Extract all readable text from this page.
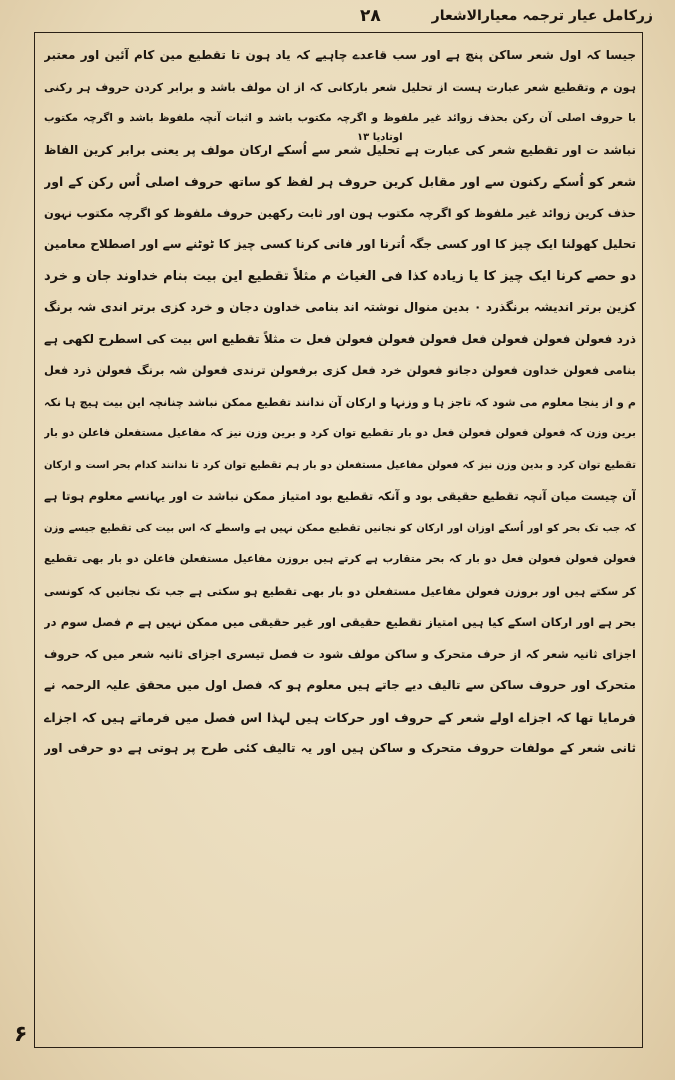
زرکامل عیار ترجمہ معیارالاشعار
۲۸
جیسا کہ اول شعر ساکن پنچ ہے اور سب قاعدے چاہیے کہ یاد ہون تا تقطیع مین کام آئین اور معتبر
ہون م وتقطیع شعر عبارت ہست از تحلیل شعر بارکانی کہ از ان مولف باشد و برابر کردن حروف ہر رکنی
با حروف اصلی آن رکن بحذف زوائد غیر ملفوظ و اگرچہ مکتوب باشد و اثبات آنچہ ملفوظ باشد و اگرچہ مکتوب
نباشد ت اور تقطیع شعر کی عبارت ہے تحلیل شعر سے اُسکے ارکان مولف پر یعنی برابر کرین الفاظ
شعر کو اُسکے رکنون سے اور مقابل کرین حروف ہر لفظ کو ساتھ حروف اصلی اُس رکن کے اور
حذف کرین زوائد غیر ملفوظ کو اگرچہ مکتوب ہون اور ثابت رکھین حروف ملفوظ کو اگرچہ مکتوب نہون
تحلیل کھولنا ایک چیز کا اور کسی جگہ اُترنا اور فانی کرنا کسی چیز کا ٹوٹنے سے اور اصطلاح معامین
دو حصے کرنا ایک چیز کا یا زیادہ کذا فی الغیاث م مثلاً تقطیع این بیت بنام خداوند جان و خرد
کزین برتر اندیشہ برنگذرد ۰ بدین منوال نوشتہ اند بنامی خداون دجان و خرد کزی برتر اندی شہ برنگ
ذرد فعولن فعولن فعولن فعل فعولن فعولن فعولن فعل ت مثلاً تقطیع اس بیت کی اسطرح لکھی ہے
بنامی فعولن خداون فعولن دجانو فعولن خرد فعل کزی برفعولن ترندی فعولن شہ برنگ فعولن ذرد فعل
م و از ینجا معلوم می شود کہ تاجز ہا و وزنہا و ارکان آن ندانند تقطیع ممکن نباشد چنانچہ این بیت ہیچ ہا نکہ
برین وزن کہ فعولن فعولن فعولن فعل دو بار تقطیع توان کرد و برین وزن نیز کہ مفاعیل مستفعلن فاعلن دو بار
تقطیع توان کرد و بدین وزن نیز کہ فعولن مفاعیل مستفعلن دو بار ہم تقطیع توان کرد تا ندانند کدام بحر است و ارکان
آن چیست میان آنچہ تقطیع حقیقی بود و آنکہ تقطیع بود امتیاز ممکن نباشد ت اور یہانسے معلوم ہوتا ہے
کہ جب تک بحر کو اور اُسکے اوزان اور ارکان کو نجانیں تقطیع ممکن نہیں ہے واسطے کہ اس بیت کی تقطیع جیسے وزن
فعولن فعولن فعولن فعل دو بار کہ بحر متقارب ہے کرتے ہیں بروزن مفاعیل مستفعلن فاعلن دو بار بھی تقطیع
کر سکتے ہیں اور بروزن فعولن مفاعیل مستفعلن دو بار بھی تقطیع ہو سکتی ہے جب تک نجانیں کہ کونسی
بحر ہے اور ارکان اسکے کیا ہیں امتیاز تقطیع حقیقی اور غیر حقیقی میں ممکن نہیں ہے م فصل سوم در
اجزای ثانیہ شعر کہ از حرف متحرک و ساکن مولف شود ت فصل تیسری اجزای ثانیہ شعر میں کہ حروف
متحرک اور حروف ساکن سے تالیف دیے جاتے ہیں معلوم ہو کہ فصل اول میں محقق علیہ الرحمہ نے
فرمایا تھا کہ اجزاے اولے شعر کے حروف اور حرکات ہیں لہذا اس فصل میں فرماتے ہیں کہ اجزاے
ثانی شعر کے مولفات حروف متحرک و ساکن ہیں اور یہ تالیف کئی طرح پر ہوتی ہے دو حرفی اور
اوتادیا ۱۳
۶
